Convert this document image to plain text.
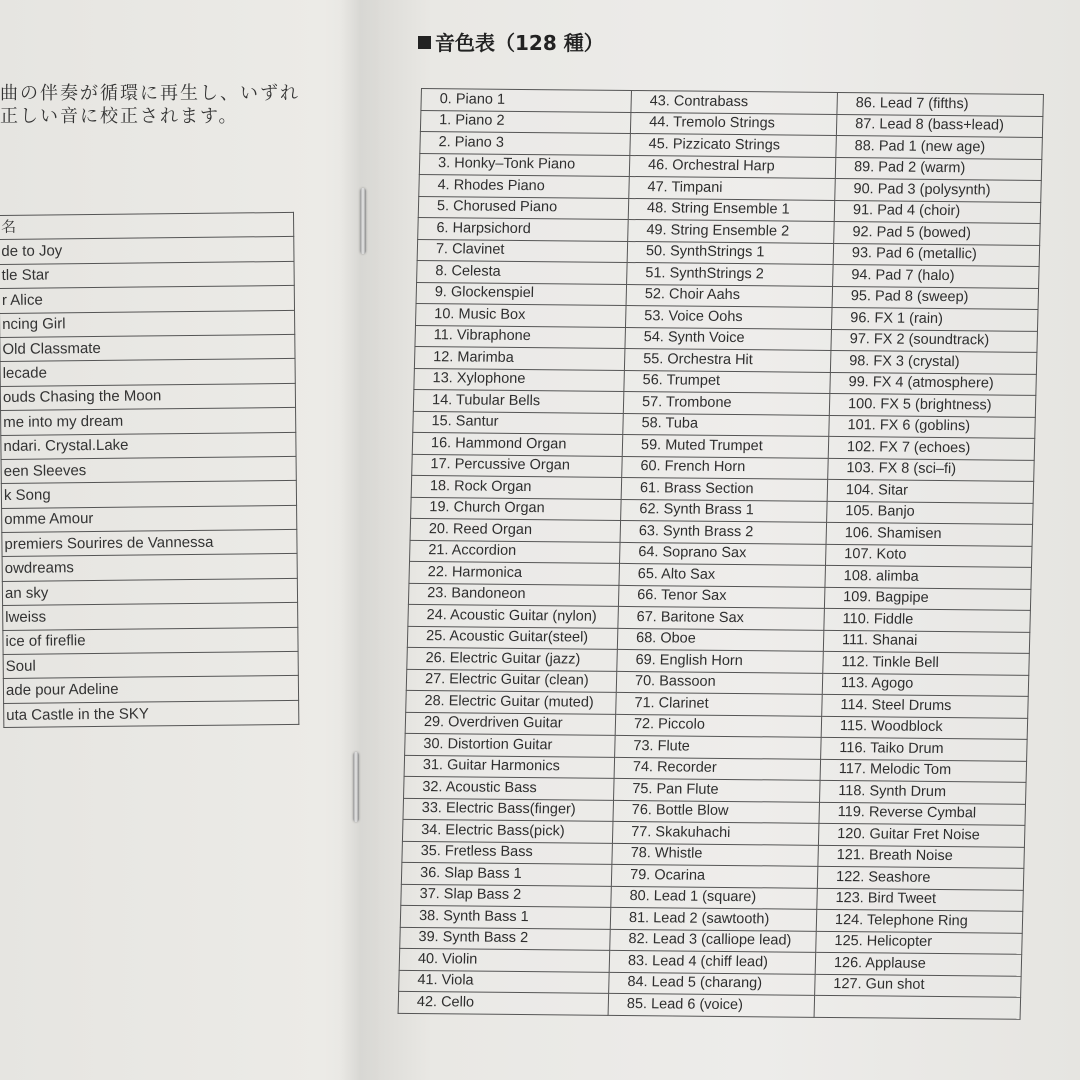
曲の伴奏が循環に再生し、いずれ
正しい音に校正されます。
名
de to Joy
tle Star
r Alice
ncing Girl
Old Classmate
lecade
ouds Chasing the Moon
me into my dream
ndari. Crystal.Lake
een Sleeves
k Song
omme Amour
premiers Sourires de Vannessa
owdreams
an sky
lweiss
ice of fireflie
Soul
ade pour Adeline
uta Castle in the SKY
音色表（128 種）
0. Piano 1	43. Contrabass	86. Lead 7 (fifths)
1. Piano 2	44. Tremolo Strings	87. Lead 8 (bass+lead)
2. Piano 3	45. Pizzicato Strings	88. Pad 1 (new age)
3. Honky–Tonk Piano	46. Orchestral Harp	89. Pad 2 (warm)
4. Rhodes Piano	47. Timpani	90. Pad 3 (polysynth)
5. Chorused Piano	48. String Ensemble 1	91. Pad 4 (choir)
6. Harpsichord	49. String Ensemble 2	92. Pad 5 (bowed)
7. Clavinet	50. SynthStrings 1	93. Pad 6 (metallic)
8. Celesta	51. SynthStrings 2	94. Pad 7 (halo)
9. Glockenspiel	52. Choir Aahs	95. Pad 8 (sweep)
10. Music Box	53. Voice Oohs	96. FX 1 (rain)
11. Vibraphone	54. Synth Voice	97. FX 2 (soundtrack)
12. Marimba	55. Orchestra Hit	98. FX 3 (crystal)
13. Xylophone	56. Trumpet	99. FX 4 (atmosphere)
14. Tubular Bells	57. Trombone	100. FX 5 (brightness)
15. Santur	58. Tuba	101. FX 6 (goblins)
16. Hammond Organ	59. Muted Trumpet	102. FX 7 (echoes)
17. Percussive Organ	60. French Horn	103. FX 8 (sci–fi)
18. Rock Organ	61. Brass Section	104. Sitar
19. Church Organ	62. Synth Brass 1	105. Banjo
20. Reed Organ	63. Synth Brass 2	106. Shamisen
21. Accordion	64. Soprano Sax	107. Koto
22. Harmonica	65. Alto Sax	108. alimba
23. Bandoneon	66. Tenor Sax	109. Bagpipe
24. Acoustic Guitar (nylon)	67. Baritone Sax	110. Fiddle
25. Acoustic Guitar(steel)	68. Oboe	111. Shanai
26. Electric Guitar (jazz)	69. English Horn	112. Tinkle Bell
27. Electric Guitar (clean)	70. Bassoon	113. Agogo
28. Electric Guitar (muted)	71. Clarinet	114. Steel Drums
29. Overdriven Guitar	72. Piccolo	115. Woodblock
30. Distortion Guitar	73. Flute	116. Taiko Drum
31. Guitar Harmonics	74. Recorder	117. Melodic Tom
32. Acoustic Bass	75. Pan Flute	118. Synth Drum
33. Electric Bass(finger)	76. Bottle Blow	119. Reverse Cymbal
34. Electric Bass(pick)	77. Skakuhachi	120. Guitar Fret Noise
35. Fretless Bass	78. Whistle	121. Breath Noise
36. Slap Bass 1	79. Ocarina	122. Seashore
37. Slap Bass 2	80. Lead 1 (square)	123. Bird Tweet
38. Synth Bass 1	81. Lead 2 (sawtooth)	124. Telephone Ring
39. Synth Bass 2	82. Lead 3 (calliope lead)	125. Helicopter
40. Violin	83. Lead 4 (chiff lead)	126. Applause
41. Viola	84. Lead 5 (charang)	127. Gun shot
42. Cello	85. Lead 6 (voice)	
